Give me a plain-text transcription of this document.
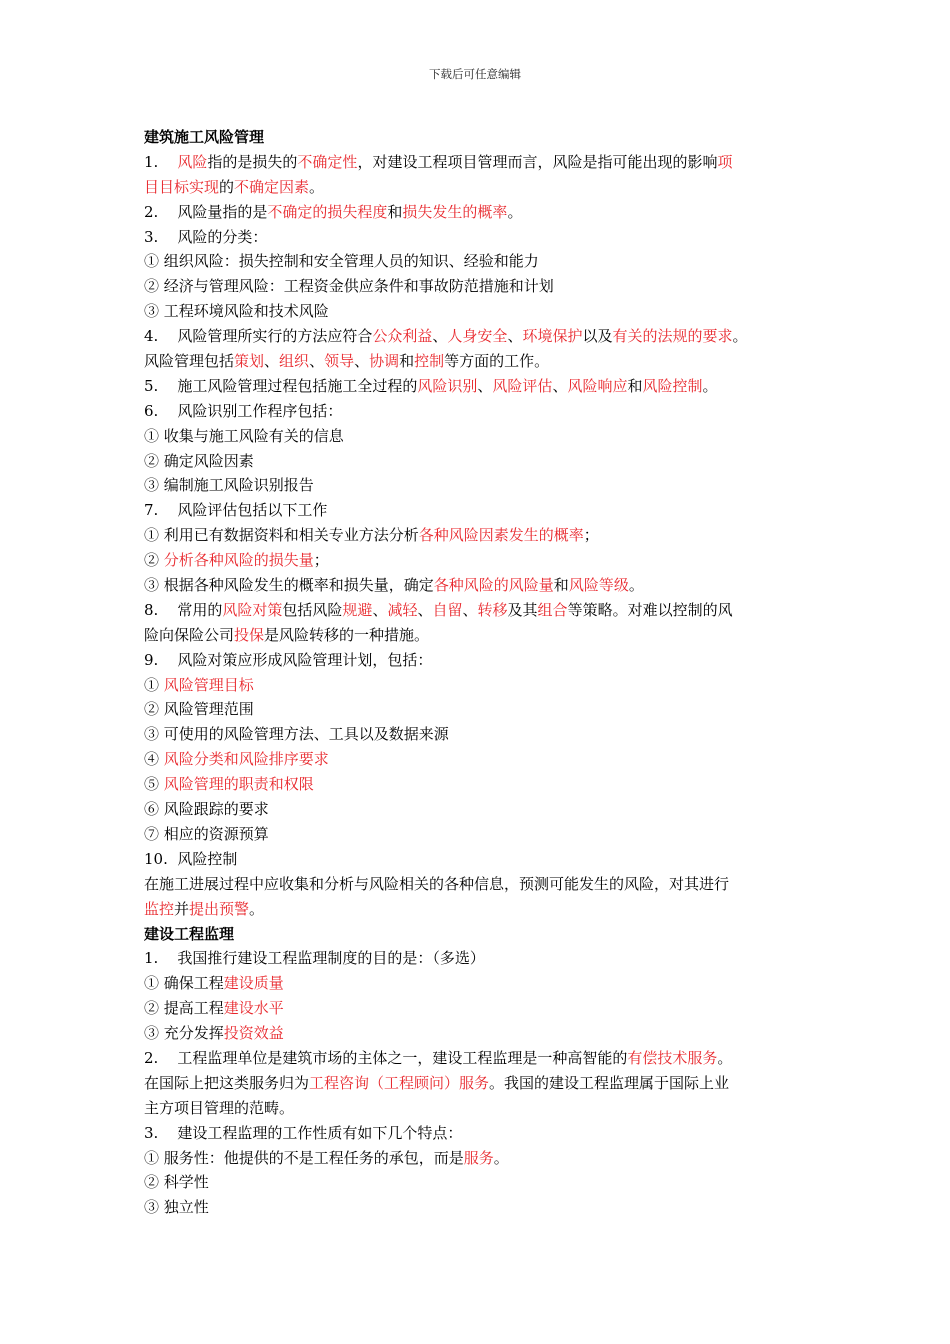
下载后可任意编辑
建筑施工风险管理
1.    风险指的是损失的不确定性，对建设工程项目管理而言，风险是指可能出现的影响项
目目标实现的不确定因素。
2.    风险量指的是不确定的损失程度和损失发生的概率。
3.    风险的分类：
① 组织风险：损失控制和安全管理人员的知识、经验和能力
② 经济与管理风险：工程资金供应条件和事故防范措施和计划
③ 工程环境风险和技术风险
4.    风险管理所实行的方法应符合公众利益、人身安全、环境保护以及有关的法规的要求。
风险管理包括策划、组织、领导、协调和控制等方面的工作。
5.    施工风险管理过程包括施工全过程的风险识别、风险评估、风险响应和风险控制。
6.    风险识别工作程序包括：
① 收集与施工风险有关的信息
② 确定风险因素
③ 编制施工风险识别报告
7.    风险评估包括以下工作
① 利用已有数据资料和相关专业方法分析各种风险因素发生的概率；
② 分析各种风险的损失量；
③ 根据各种风险发生的概率和损失量，确定各种风险的风险量和风险等级。
8.    常用的风险对策包括风险规避、减轻、自留、转移及其组合等策略。对难以控制的风
险向保险公司投保是风险转移的一种措施。
9.    风险对策应形成风险管理计划，包括：
① 风险管理目标
② 风险管理范围
③ 可使用的风险管理方法、工具以及数据来源
④ 风险分类和风险排序要求
⑤ 风险管理的职责和权限
⑥ 风险跟踪的要求
⑦ 相应的资源预算
10.  风险控制
在施工进展过程中应收集和分析与风险相关的各种信息，预测可能发生的风险，对其进行
监控并提出预警。
建设工程监理
1.    我国推行建设工程监理制度的目的是：（多选）
① 确保工程建设质量
② 提高工程建设水平
③ 充分发挥投资效益
2.    工程监理单位是建筑市场的主体之一，建设工程监理是一种高智能的有偿技术服务。
在国际上把这类服务归为工程咨询（工程顾问）服务。我国的建设工程监理属于国际上业
主方项目管理的范畴。
3.    建设工程监理的工作性质有如下几个特点：
① 服务性：他提供的不是工程任务的承包，而是服务。
② 科学性
③ 独立性
